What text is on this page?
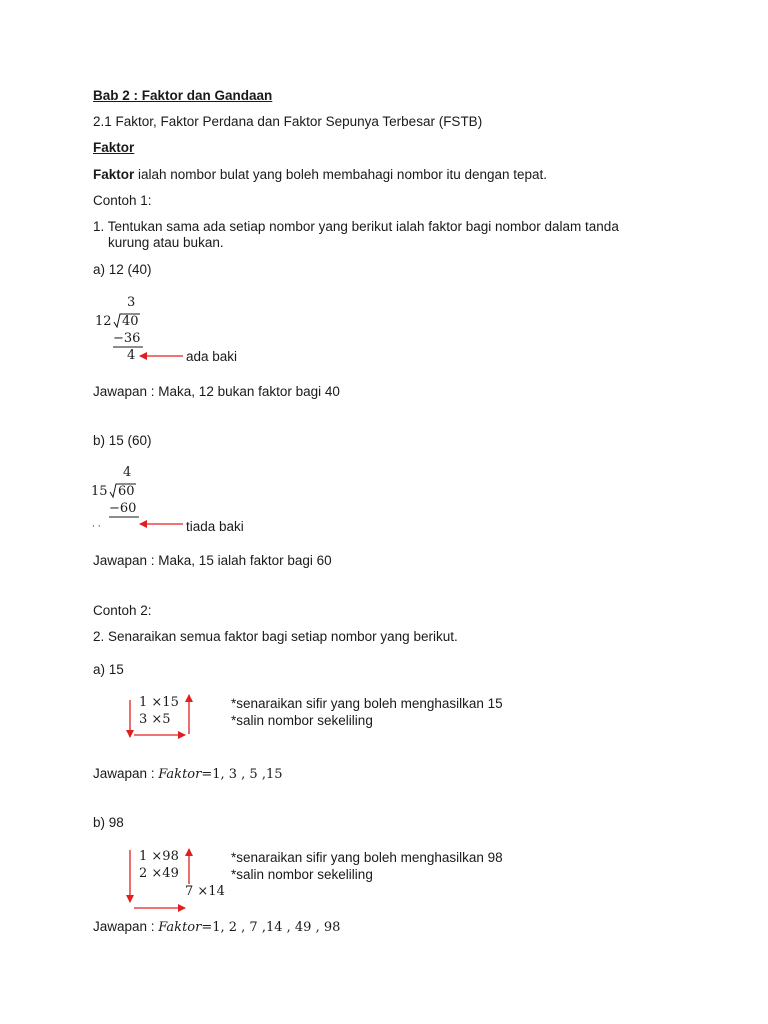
Bab 2 : Faktor dan Gandaan
2.1 Faktor, Faktor Perdana dan Faktor Sepunya Terbesar (FSTB)
Faktor
Faktor ialah nombor bulat yang boleh membahagi nombor itu dengan tepat.
Contoh 1:
1. Tentukan sama ada setiap nombor yang berikut ialah faktor bagi nombor dalam tanda
kurung atau bukan.
a) 12 (40)
3
12 40
−36
4	ada baki
Jawapan : Maka, 12 bukan faktor bagi 40
b) 15 (60)
4
15 60
−60
· ·	tiada baki
Jawapan : Maka, 15 ialah faktor bagi 60
Contoh 2:
2. Senaraikan semua faktor bagi setiap nombor yang berikut.
a) 15
1 ×15
3 ×5
*senaraikan sifir yang boleh menghasilkan 15
*salin nombor sekeliling
Jawapan : Faktor=1, 3 , 5 ,15
b) 98
1 ×98
2 ×49
7 ×14
*senaraikan sifir yang boleh menghasilkan 98
*salin nombor sekeliling
Jawapan : Faktor=1, 2 , 7 ,14 , 49 , 98
